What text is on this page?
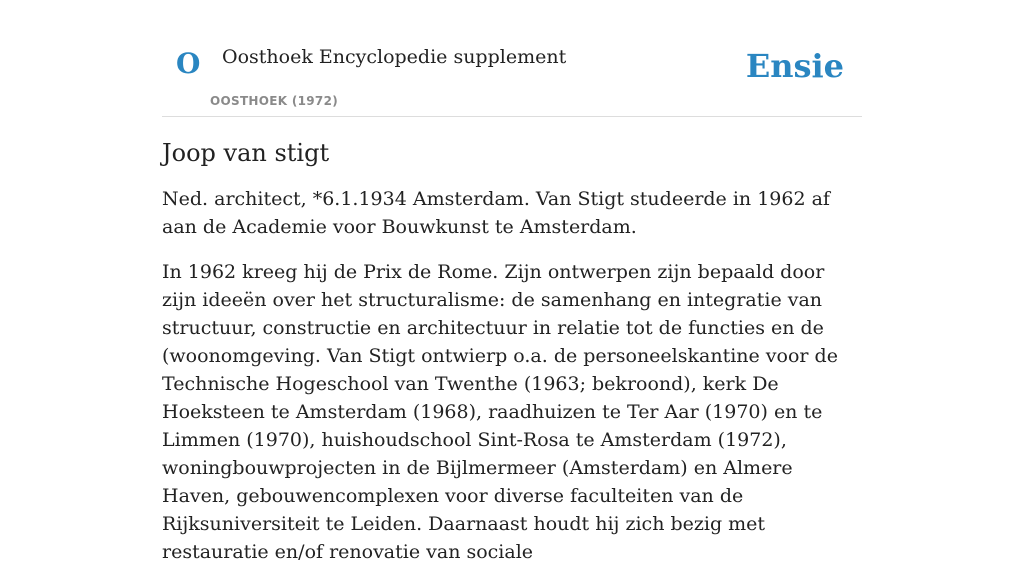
O Oosthoek Encyclopedie supplement
OOSTHOEK (1972)
Ensie
Joop van stigt

Ned. architect, *6.1.1934 Amsterdam. Van Stigt studeerde in 1962 af aan de Academie voor Bouwkunst te Amsterdam.

In 1962 kreeg hij de Prix de Rome. Zijn ontwerpen zijn bepaald door zijn ideeën over het structuralisme: de samenhang en integratie van structuur, constructie en architectuur in relatie tot de functies en de (woonomgeving. Van Stigt ontwierp o.a. de personeelskantine voor de Technische Hogeschool van Twenthe (1963; bekroond), kerk De Hoeksteen te Amsterdam (1968), raadhuizen te Ter Aar (1970) en te Limmen (1970), huishoudschool Sint-Rosa te Amsterdam (1972), woningbouwprojecten in de Bijlmermeer (Amsterdam) en Almere Haven, gebouwencomplexen voor diverse faculteiten van de Rijksuniversiteit te Leiden. Daarnaast houdt hij zich bezig met restauratie en/of renovatie van sociale
